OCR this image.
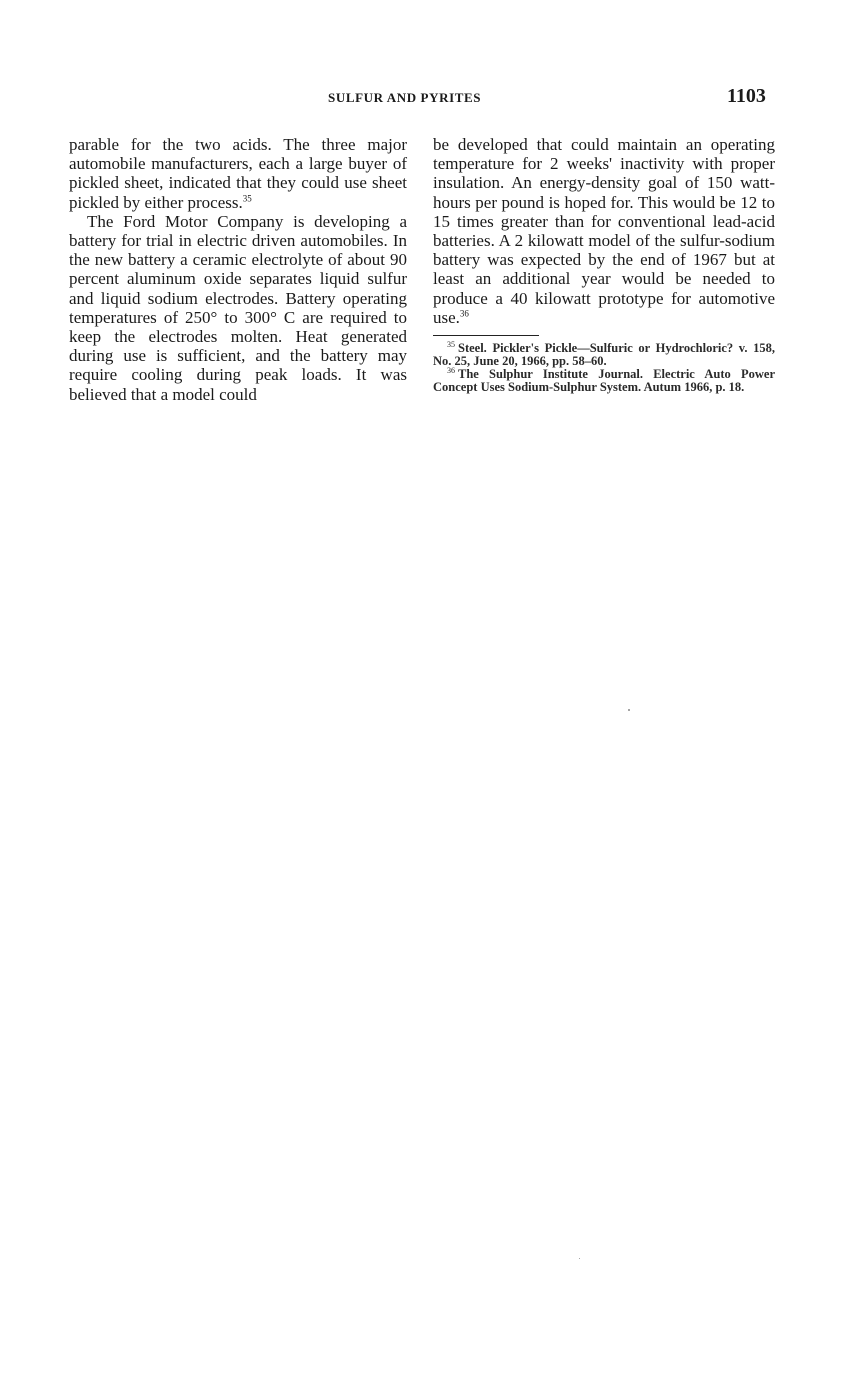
SULFUR AND PYRITES	1103

parable for the two acids. The three major automobile manufacturers, each a large buyer of pickled sheet, indicated that they could use sheet pickled by either process.$^{35}$

The Ford Motor Company is developing a battery for trial in electric driven automobiles. In the new battery a ceramic electrolyte of about 90 percent aluminum oxide separates liquid sulfur and liquid sodium electrodes. Battery operating temperatures of 250° to 300° C are required to keep the electrodes molten. Heat generated during use is sufficient, and the battery may require cooling during peak loads. It was believed that a model could

be developed that could maintain an operating temperature for 2 weeks' inactivity with proper insulation. An energy-density goal of 150 watt-hours per pound is hoped for. This would be 12 to 15 times greater than for conventional lead-acid batteries. A 2 kilowatt model of the sulfur-sodium battery was expected by the end of 1967 but at least an additional year would be needed to produce a 40 kilowatt prototype for automotive use.$^{36}$

$^{35}$ Steel. Pickler's Pickle—Sulfuric or Hydrochloric? v. 158, No. 25, June 20, 1966, pp. 58–60.

$^{36}$ The Sulphur Institute Journal. Electric Auto Power Concept Uses Sodium-Sulphur System. Autum 1966, p. 18.
